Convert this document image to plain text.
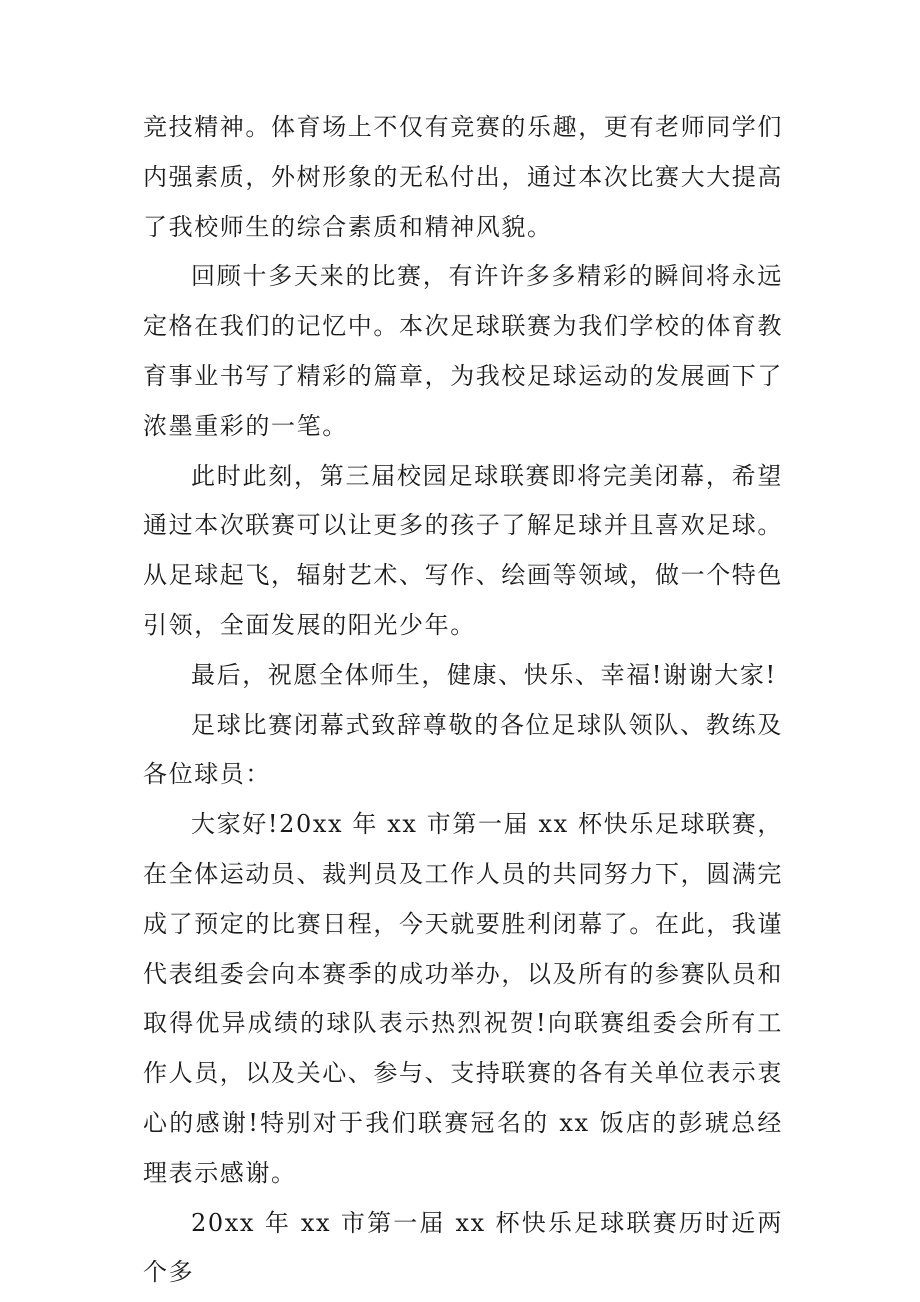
竞技精神。体育场上不仅有竞赛的乐趣，更有老师同学们内强素质，外树形象的无私付出，通过本次比赛大大提高了我校师生的综合素质和精神风貌。

回顾十多天来的比赛，有许许多多精彩的瞬间将永远定格在我们的记忆中。本次足球联赛为我们学校的体育教育事业书写了精彩的篇章，为我校足球运动的发展画下了浓墨重彩的一笔。

此时此刻，第三届校园足球联赛即将完美闭幕，希望通过本次联赛可以让更多的孩子了解足球并且喜欢足球。从足球起飞，辐射艺术、写作、绘画等领域，做一个特色引领，全面发展的阳光少年。

最后，祝愿全体师生，健康、快乐、幸福!谢谢大家!

足球比赛闭幕式致辞尊敬的各位足球队领队、教练及各位球员：

大家好!20xx 年 xx 市第一届 xx 杯快乐足球联赛，在全体运动员、裁判员及工作人员的共同努力下，圆满完成了预定的比赛日程，今天就要胜利闭幕了。在此，我谨代表组委会向本赛季的成功举办，以及所有的参赛队员和取得优异成绩的球队表示热烈祝贺!向联赛组委会所有工作人员，以及关心、参与、支持联赛的各有关单位表示衷心的感谢!特别对于我们联赛冠名的 xx 饭店的彭琥总经理表示感谢。

20xx 年 xx 市第一届 xx 杯快乐足球联赛历时近两个多
